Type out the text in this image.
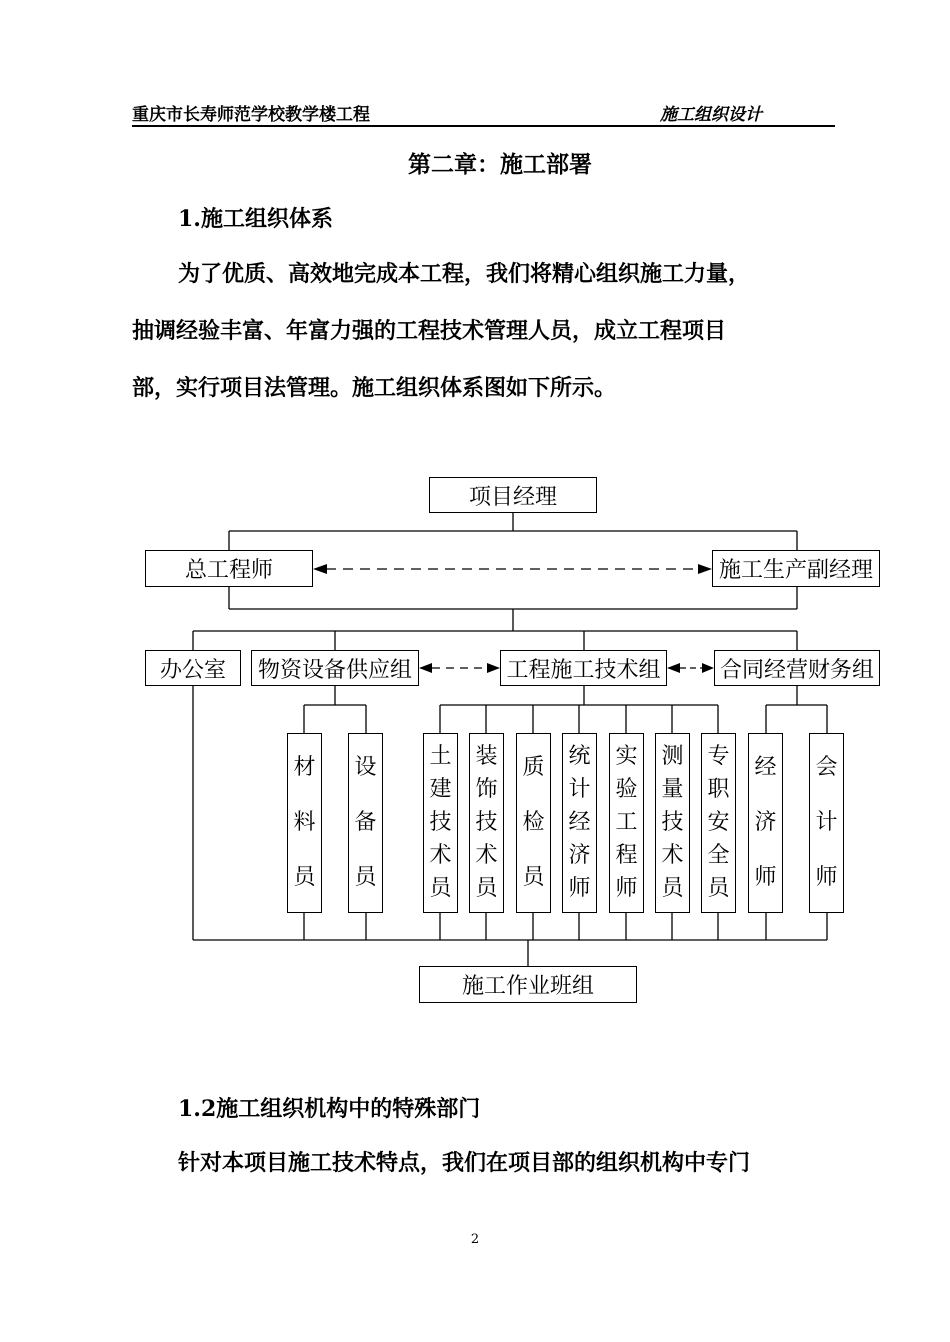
重庆市长寿师范学校教学楼工程	施工组织设计
第二章：施工部署
1.施工组织体系
为了优质、高效地完成本工程，我们将精心组织施工力量，
抽调经验丰富、年富力强的工程技术管理人员，成立工程项目
部，实行项目法管理。施工组织体系图如下所示。
项目经理
总工程师	施工生产副经理
办公室	物资设备供应组	工程施工技术组	合同经营财务组
材
料
员
设
备
员
土
建
技
术
员
装
饰
技
术
员
质
检
员
统
计
经
济
师
实
验
工
程
师
测
量
技
术
员
专
职
安
全
员
经
济
师
会
计
师
施工作业班组
1.2施工组织机构中的特殊部门
针对本项目施工技术特点，我们在项目部的组织机构中专门
2
